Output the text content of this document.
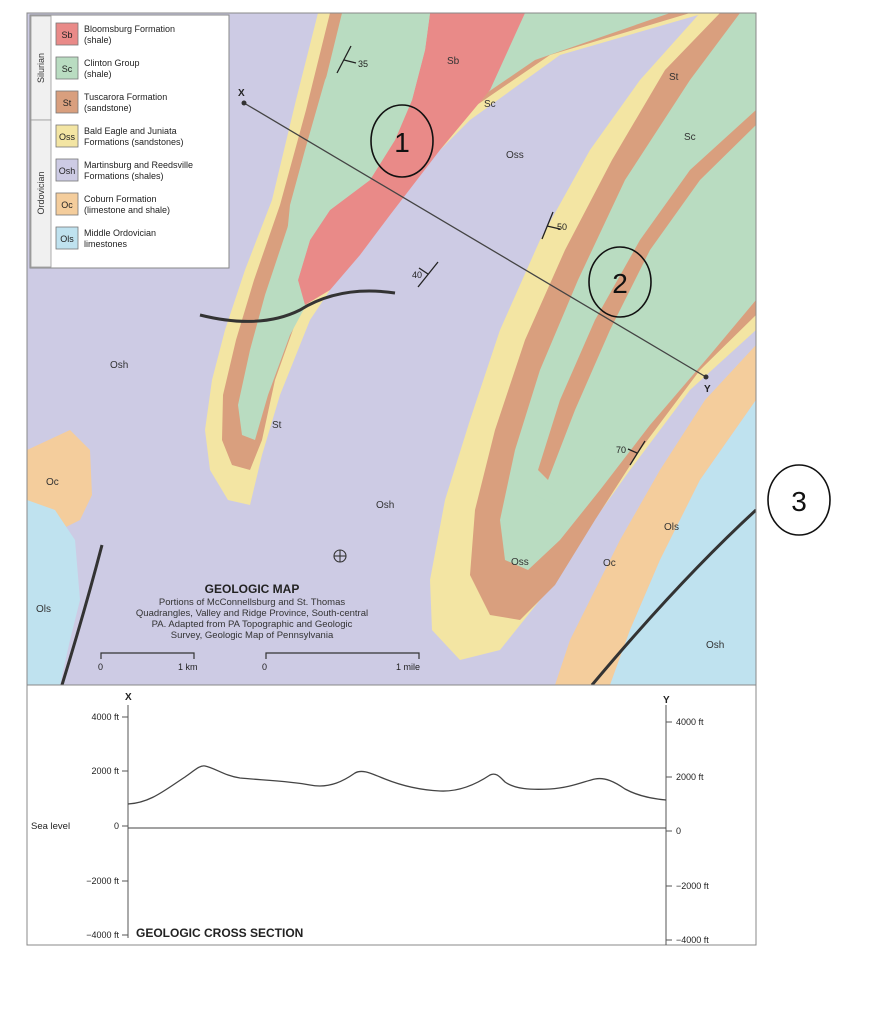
X
Y
Sb
Sc
Sc
St
St
Oss
Oss
Osh
Osh
Osh
Oc
Oc
Ols
Ols
35
40
50
70
GEOLOGIC MAP
Portions of McConnellsburg and St. Thomas
Quadrangles, Valley and Ridge Province, South-central
PA. Adapted from PA Topographic and Geologic
Survey, Geologic Map of Pennsylvania
0	1 km	0	1 mile
Silurian
Ordovician
Sb
Bloomsburg Formation
(shale)
Sc
Clinton Group
(shale)
St
Tuscarora Formation
(sandstone)
Oss
Bald Eagle and Juniata
Formations (sandstones)
Osh
Martinsburg and Reedsville
Formations (shales)
Oc
Coburn Formation
(limestone and shale)
Ols
Middle Ordovician
limestones
1
2
3
X	Y
4000 ft
2000 ft
0
−2000 ft
−4000 ft
Sea level
4000 ft
2000 ft
0
−2000 ft
−4000 ft
GEOLOGIC CROSS SECTION
